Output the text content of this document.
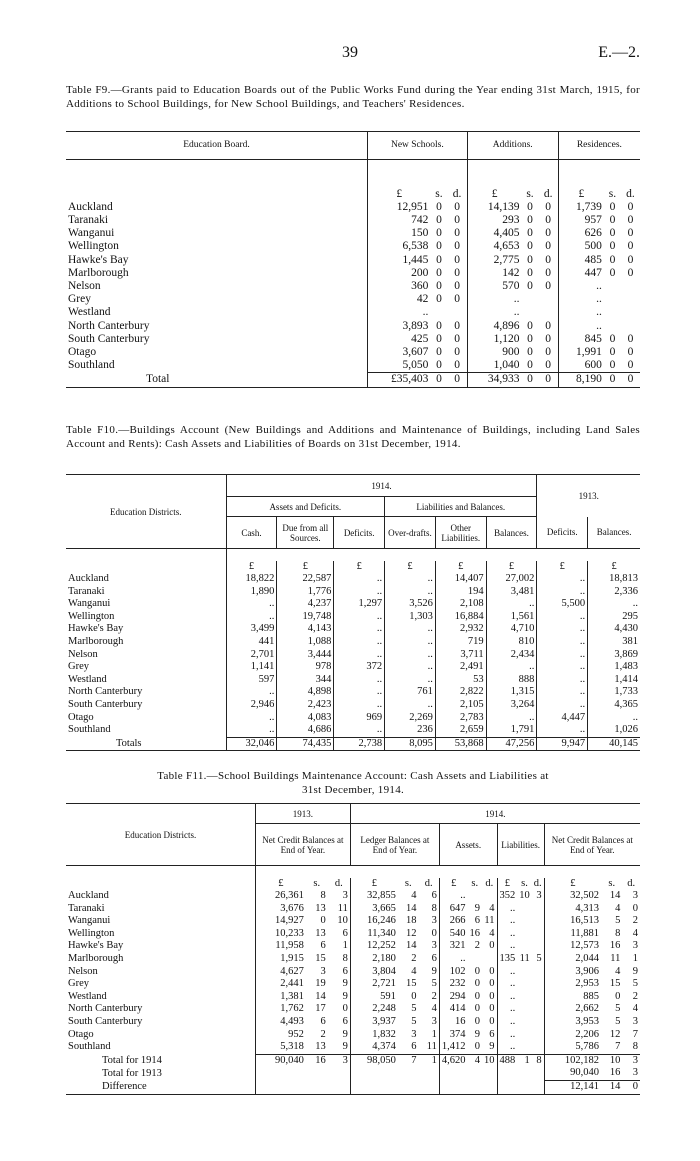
39	E.—2.
Table F9.—Grants paid to Education Boards out of the Public Works Fund during the Year ending 31st March, 1915, for Additions to School Buildings, for New School Buildings, and Teachers' Residences.
Education Board.	New Schools.			Additions.			Residences.		

	£	s.	d.	£	s.	d.	£	s.	d.
Auckland	12,951	0	0	14,139	0	0	1,739	0	0
Taranaki	742	0	0	293	0	0	957	0	0
Wanganui	150	0	0	4,405	0	0	626	0	0
Wellington	6,538	0	0	4,653	0	0	500	0	0
Hawke's Bay	1,445	0	0	2,775	0	0	485	0	0
Marlborough	200	0	0	142	0	0	447	0	0
Nelson	360	0	0	570	0	0	..		
Grey	42	0	0	..			..		
Westland	..			..			..		
North Canterbury	3,893	0	0	4,896	0	0	..		
South Canterbury	425	0	0	1,120	0	0	845	0	0
Otago	3,607	0	0	900	0	0	1,991	0	0
Southland	5,050	0	0	1,040	0	0	600	0	0
Total	£35,403	0	0	34,933	0	0	8,190	0	0
Table F10.—Buildings Account (New Buildings and Additions and Maintenance of Buildings, including Land Sales Account and Rents): Cash Assets and Liabilities of Boards on 31st December, 1914.
Education Districts.	1914.						1913.	
	Assets and Deficits.			Liabilities and Balances.				
	Cash.	Due from all Sources.	Deficits.	Over-drafts.	Other Liabilities.	Balances.	Deficits.	Balances.

	£	£	£	£	£	£	£	£
Auckland	18,822	22,587	..	..	14,407	27,002	..	18,813
Taranaki	1,890	1,776	..	..	194	3,481	..	2,336
Wanganui	..	4,237	1,297	3,526	2,108	..	5,500	..
Wellington	..	19,748	..	1,303	16,884	1,561	..	295
Hawke's Bay	3,499	4,143	..	..	2,932	4,710	..	4,430
Marlborough	441	1,088	..	..	719	810	..	381
Nelson	2,701	3,444	..	..	3,711	2,434	..	3,869
Grey	1,141	978	372	..	2,491	..	..	1,483
Westland	597	344	..	..	53	888	..	1,414
North Canterbury	..	4,898	..	761	2,822	1,315	..	1,733
South Canterbury	2,946	2,423	..	..	2,105	3,264	..	4,365
Otago	..	4,083	969	2,269	2,783	..	4,447	..
Southland	..	4,686	..	236	2,659	1,791	..	1,026
Totals	32,046	74,435	2,738	8,095	53,868	47,256	9,947	40,145
Table F11.—School Buildings Maintenance Account: Cash Assets and Liabilities at
31st December, 1914.
Education Districts.	1913.			1914.											
	Net Credit Balances at End of Year.			Ledger Balances at End of Year.			Assets.			Liabilities.			Net Credit Balances at End of Year.		

	£	s.	d.	£	s.	d.	£	s.	d.	£	s.	d.	£	s.	d.
Auckland	26,361	8	3	32,855	4	6	..			352	10	3	32,502	14	3
Taranaki	3,676	13	11	3,665	14	8	647	9	4	..			4,313	4	0
Wanganui	14,927	0	10	16,246	18	3	266	6	11	..			16,513	5	2
Wellington	10,233	13	6	11,340	12	0	540	16	4	..			11,881	8	4
Hawke's Bay	11,958	6	1	12,252	14	3	321	2	0	..			12,573	16	3
Marlborough	1,915	15	8	2,180	2	6	..			135	11	5	2,044	11	1
Nelson	4,627	3	6	3,804	4	9	102	0	0	..			3,906	4	9
Grey	2,441	19	9	2,721	15	5	232	0	0	..			2,953	15	5
Westland	1,381	14	9	591	0	2	294	0	0	..			885	0	2
North Canterbury	1,762	17	0	2,248	5	4	414	0	0	..			2,662	5	4
South Canterbury	4,493	6	6	3,937	5	3	16	0	0	..			3,953	5	3
Otago	952	2	9	1,832	3	1	374	9	6	..			2,206	12	7
Southland	5,318	13	9	4,374	6	11	1,412	0	9	..			5,786	7	8
Total for 1914	90,040	16	3	98,050	7	1	4,620	4	10	488	1	8	102,182	10	3
Total for 1913													90,040	16	3
Difference													12,141	14	0
